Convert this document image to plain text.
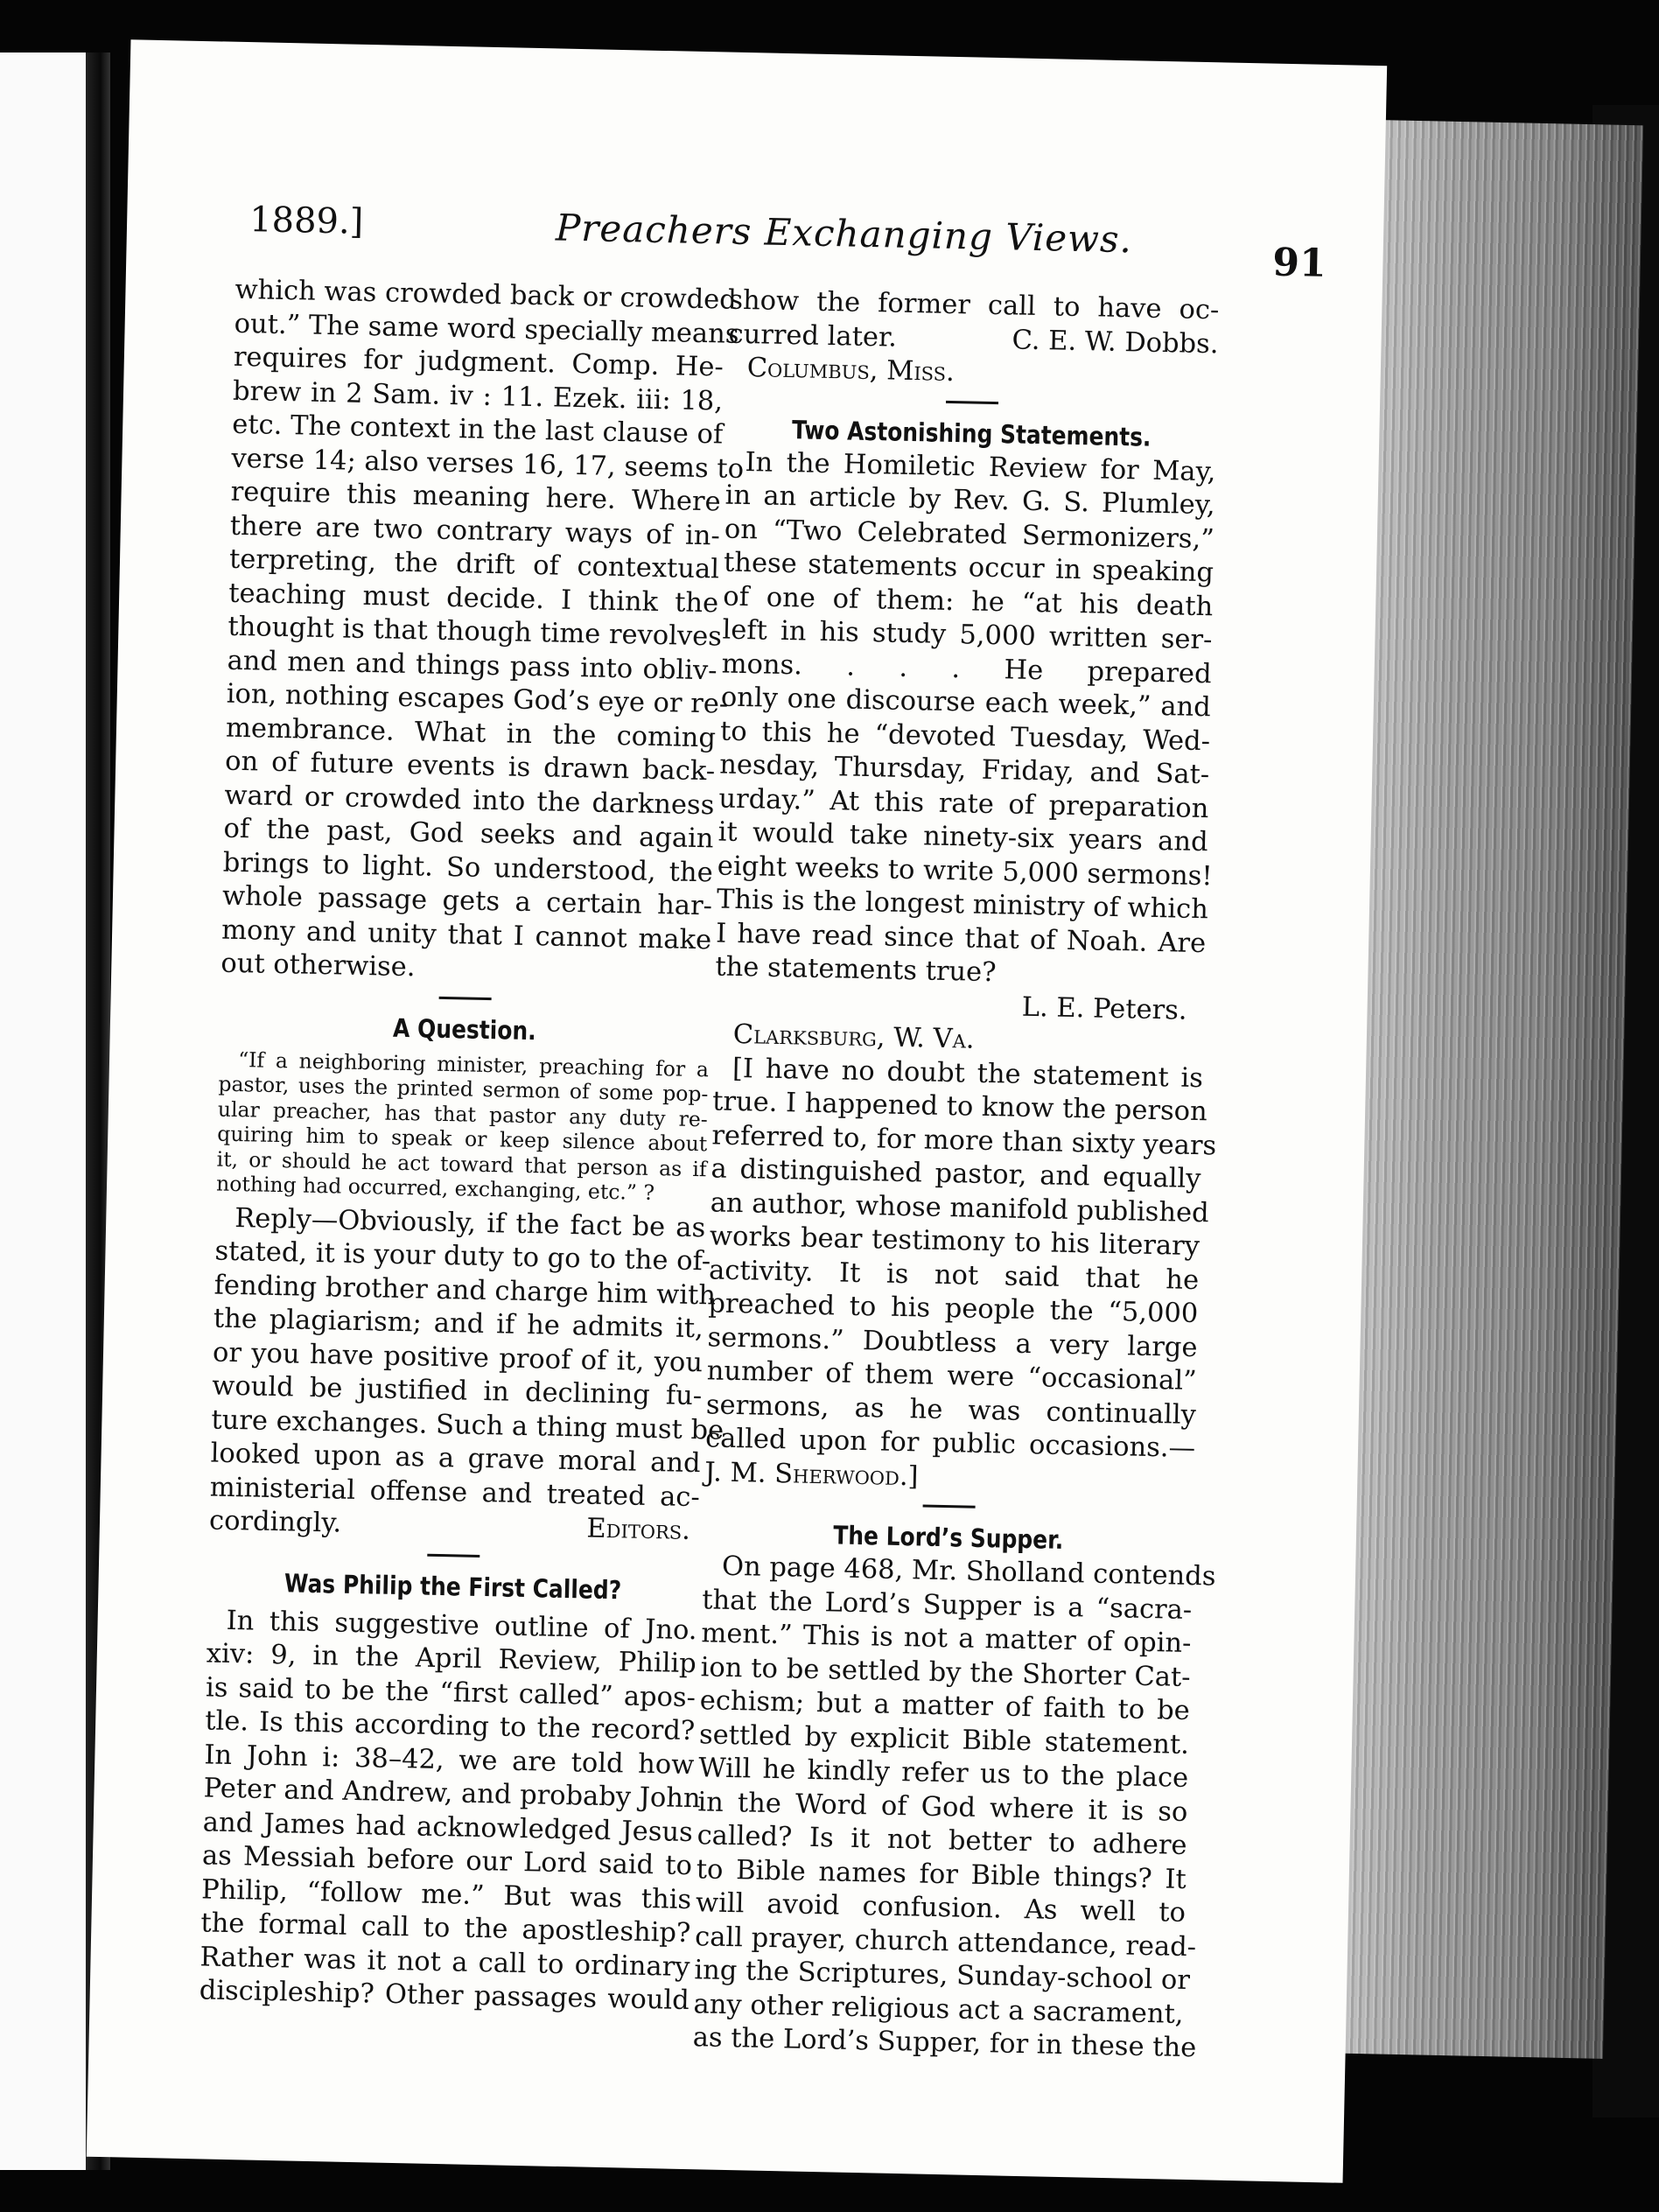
1889.]	Preachers Exchanging Views.
91
which was crowded back or crowded
out.” The same word specially means
requires for judgment. Comp. He-
brew in 2 Sam. iv : 11. Ezek. iii: 18,
etc. The context in the last clause of
verse 14; also verses 16, 17, seems to
require this meaning here. Where
there are two contrary ways of in-
terpreting, the drift of contextual
teaching must decide. I think the
thought is that though time revolves
and men and things pass into obliv-
ion, nothing escapes God’s eye or re-
membrance. What in the coming
on of future events is drawn back-
ward or crowded into the darkness
of the past, God seeks and again
brings to light. So understood, the
whole passage gets a certain har-
mony and unity that I cannot make
out otherwise.
A Question.
“If a neighboring minister, preaching for a
pastor, uses the printed sermon of some pop-
ular preacher, has that pastor any duty re-
quiring him to speak or keep silence about
it, or should he act toward that person as if
nothing had occurred, exchanging, etc.” ?
Reply—Obviously, if the fact be as
stated, it is your duty to go to the of-
fending brother and charge him with
the plagiarism; and if he admits it,
or you have positive proof of it, you
would be justified in declining fu-
ture exchanges. Such a thing must be
looked upon as a grave moral and
ministerial offense and treated ac-
cordingly.	Editors.
Was Philip the First Called?
In this suggestive outline of Jno.
xiv: 9, in the April Review, Philip
is said to be the “first called” apos-
tle. Is this according to the record?
In John i: 38–42, we are told how
Peter and Andrew, and probaby John
and James had acknowledged Jesus
as Messiah before our Lord said to
Philip, “follow me.” But was this
the formal call to the apostleship?
Rather was it not a call to ordinary
discipleship? Other passages would
show the former call to have oc-
curred later.	C. E. W. Dobbs.
Columbus, Miss.
Two Astonishing Statements.
In the Homiletic Review for May,
in an article by Rev. G. S. Plumley,
on “Two Celebrated Sermonizers,”
these statements occur in speaking
of one of them: he “at his death
left in his study 5,000 written ser-
mons. . . . He prepared
only one discourse each week,” and
to this he “devoted Tuesday, Wed-
nesday, Thursday, Friday, and Sat-
urday.” At this rate of preparation
it would take ninety-six years and
eight weeks to write 5,000 sermons!
This is the longest ministry of which
I have read since that of Noah. Are
the statements true?
L. E. Peters.
Clarksburg, W. Va.
[I have no doubt the statement is
true. I happened to know the person
referred to, for more than sixty years
a distinguished pastor, and equally
an author, whose manifold published
works bear testimony to his literary
activity. It is not said that he
preached to his people the “5,000
sermons.” Doubtless a very large
number of them were “occasional”
sermons, as he was continually
called upon for public occasions.—
J. M. Sherwood.]
The Lord’s Supper.
On page 468, Mr. Sholland contends
that the Lord’s Supper is a “sacra-
ment.” This is not a matter of opin-
ion to be settled by the Shorter Cat-
echism; but a matter of faith to be
settled by explicit Bible statement.
Will he kindly refer us to the place
in the Word of God where it is so
called? Is it not better to adhere
to Bible names for Bible things? It
will avoid confusion. As well to
call prayer, church attendance, read-
ing the Scriptures, Sunday-school or
any other religious act a sacrament,
as the Lord’s Supper, for in these the
